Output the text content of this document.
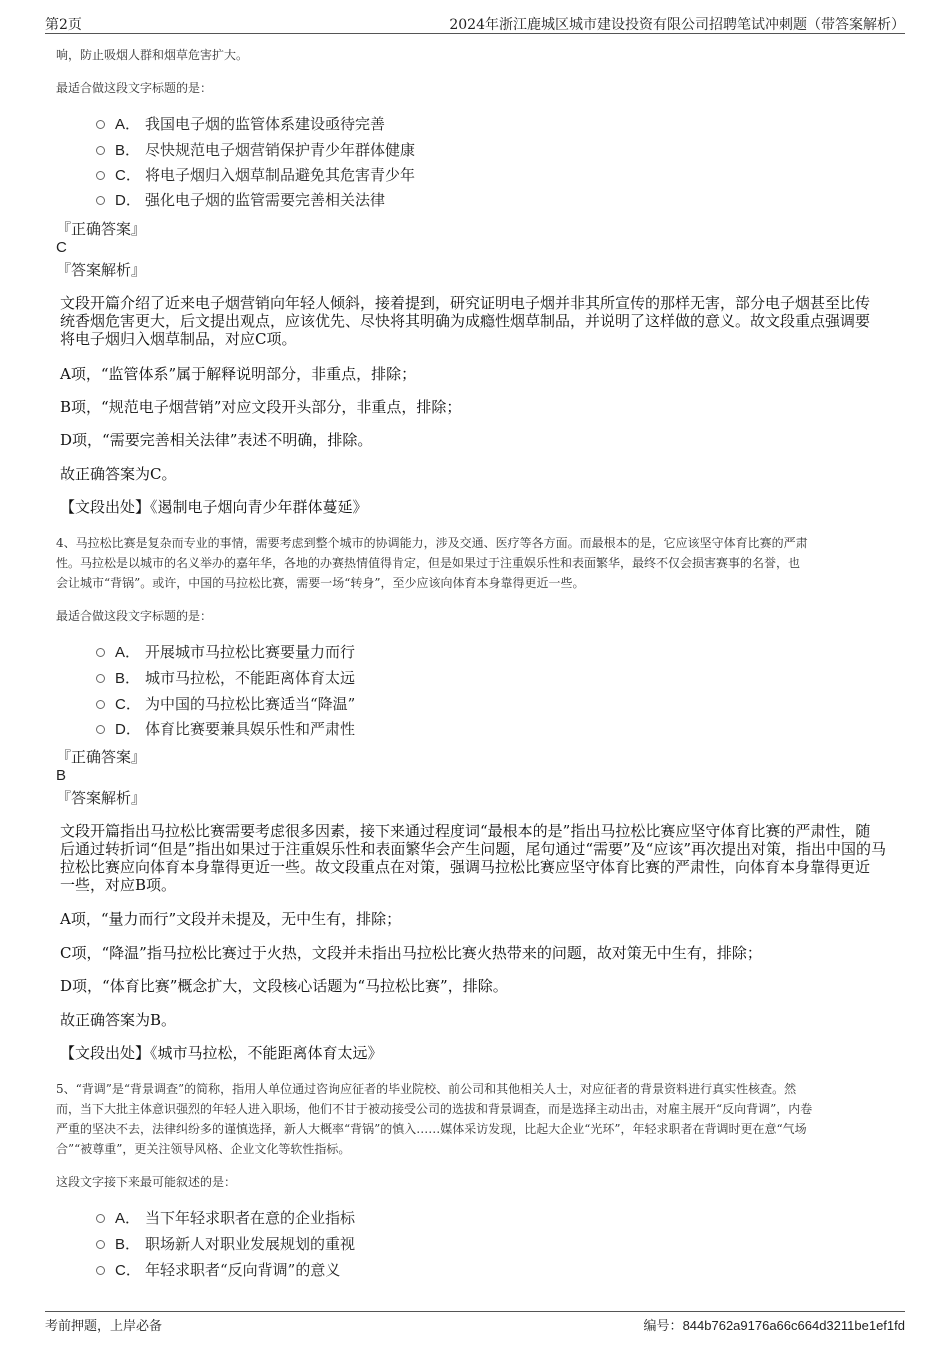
第2页	2024年浙江鹿城区城市建设投资有限公司招聘笔试冲刺题（带答案解析）
响，防止吸烟人群和烟草危害扩大。
最适合做这段文字标题的是：
A． 我国电子烟的监管体系建设亟待完善
B． 尽快规范电子烟营销保护青少年群体健康
C． 将电子烟归入烟草制品避免其危害青少年
D． 强化电子烟的监管需要完善相关法律
『正确答案』
C
『答案解析』
文段开篇介绍了近来电子烟营销向年轻人倾斜，接着提到，研究证明电子烟并非其所宣传的那样无害，部分电子烟甚至比传
统香烟危害更大，后文提出观点，应该优先、尽快将其明确为成瘾性烟草制品，并说明了这样做的意义。故文段重点强调要
将电子烟归入烟草制品，对应C项。
A项，“监管体系”属于解释说明部分，非重点，排除；
B项，“规范电子烟营销”对应文段开头部分，非重点，排除；
D项，“需要完善相关法律”表述不明确，排除。
故正确答案为C。
【文段出处】《遏制电子烟向青少年群体蔓延》
4、马拉松比赛是复杂而专业的事情，需要考虑到整个城市的协调能力，涉及交通、医疗等各方面。而最根本的是，它应该坚守体育比赛的严肃
性。马拉松是以城市的名义举办的嘉年华，各地的办赛热情值得肯定，但是如果过于注重娱乐性和表面繁华，最终不仅会损害赛事的名誉，也
会让城市“背锅”。或许，中国的马拉松比赛，需要一场“转身”，至少应该向体育本身靠得更近一些。
最适合做这段文字标题的是：
A． 开展城市马拉松比赛要量力而行
B． 城市马拉松，不能距离体育太远
C． 为中国的马拉松比赛适当“降温”
D． 体育比赛要兼具娱乐性和严肃性
『正确答案』
B
『答案解析』
文段开篇指出马拉松比赛需要考虑很多因素，接下来通过程度词“最根本的是”指出马拉松比赛应坚守体育比赛的严肃性，随
后通过转折词“但是”指出如果过于注重娱乐性和表面繁华会产生问题，尾句通过“需要”及“应该”再次提出对策，指出中国的马
拉松比赛应向体育本身靠得更近一些。故文段重点在对策，强调马拉松比赛应坚守体育比赛的严肃性，向体育本身靠得更近
一些，对应B项。
A项，“量力而行”文段并未提及，无中生有，排除；
C项，“降温”指马拉松比赛过于火热，文段并未指出马拉松比赛火热带来的问题，故对策无中生有，排除；
D项，“体育比赛”概念扩大，文段核心话题为“马拉松比赛”，排除。
故正确答案为B。
【文段出处】《城市马拉松，不能距离体育太远》
5、“背调”是“背景调查”的简称，指用人单位通过咨询应征者的毕业院校、前公司和其他相关人士，对应征者的背景资料进行真实性核查。然
而，当下大批主体意识强烈的年轻人进入职场，他们不甘于被动接受公司的选拔和背景调查，而是选择主动出击，对雇主展开“反向背调”，内卷
严重的坚决不去，法律纠纷多的谨慎选择，新人大概率“背锅”的慎入……媒体采访发现，比起大企业“光环”，年轻求职者在背调时更在意“气场
合”“被尊重”，更关注领导风格、企业文化等软性指标。
这段文字接下来最可能叙述的是：
A． 当下年轻求职者在意的企业指标
B． 职场新人对职业发展规划的重视
C． 年轻求职者“反向背调”的意义
考前押题，上岸必备	编号：844b762a9176a66c664d3211be1ef1fd
